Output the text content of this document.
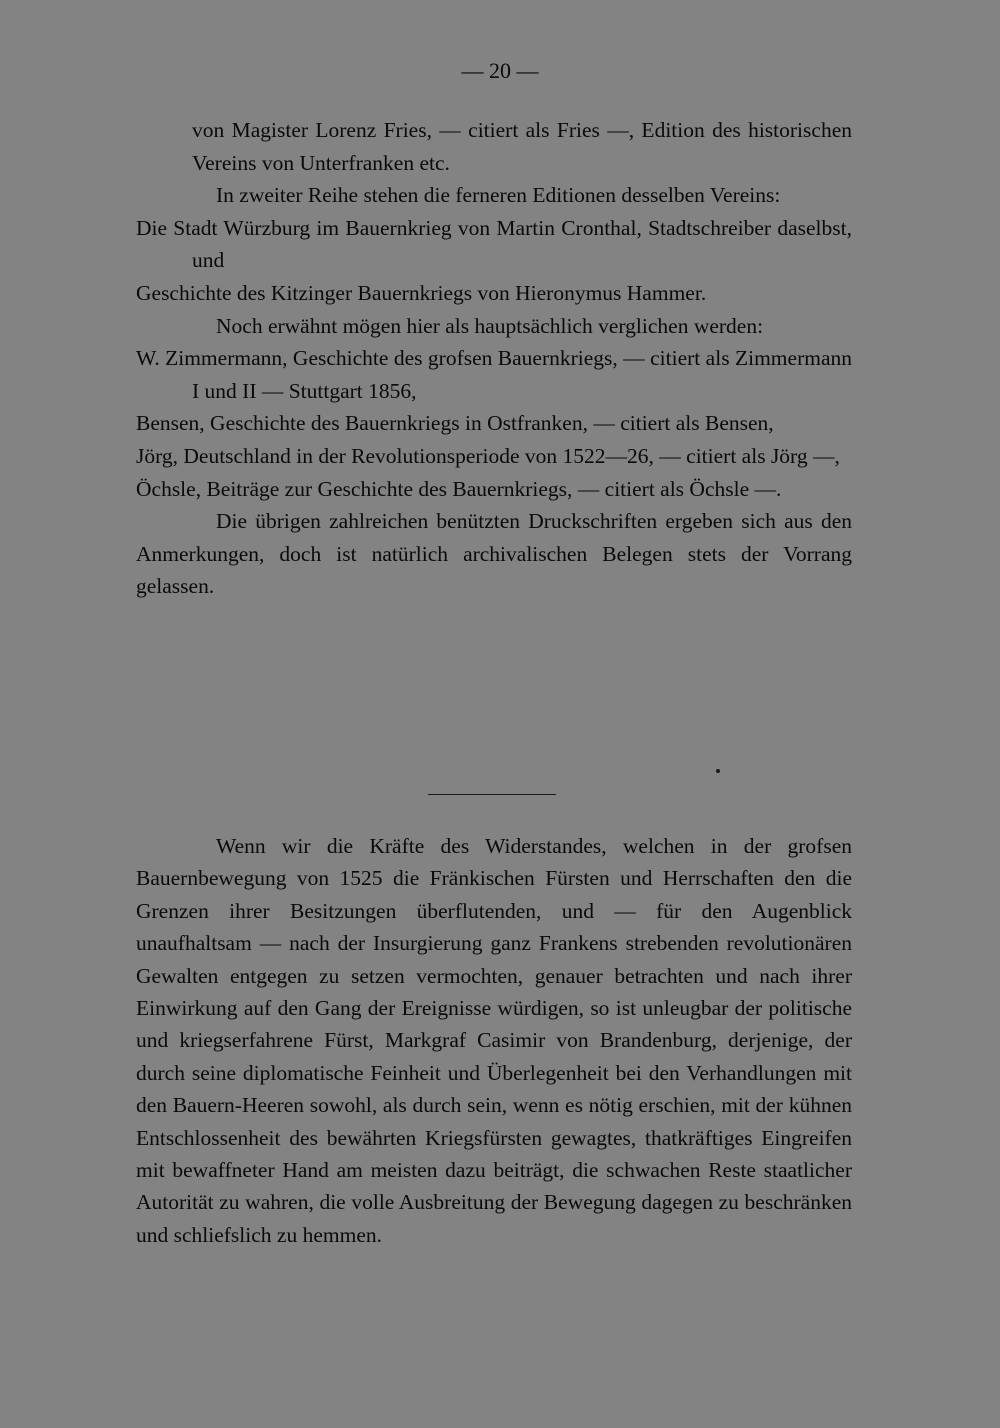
— 20 —

von Magister Lorenz Fries, — citiert als Fries —, Edition des historischen Vereins von Unterfranken etc.

In zweiter Reihe stehen die ferneren Editionen desselben Vereins:

Die Stadt Würzburg im Bauernkrieg von Martin Cronthal, Stadtschreiber daselbst, und

Geschichte des Kitzinger Bauernkriegs von Hieronymus Hammer.

Noch erwähnt mögen hier als hauptsächlich verglichen werden:

W. Zimmermann, Geschichte des grofsen Bauernkriegs, — citiert als Zimmermann I und II — Stuttgart 1856,

Bensen, Geschichte des Bauernkriegs in Ostfranken, — citiert als Bensen,

Jörg, Deutschland in der Revolutionsperiode von 1522—26, — citiert als Jörg —,

Öchsle, Beiträge zur Geschichte des Bauernkriegs, — citiert als Öchsle —.

Die übrigen zahlreichen benützten Druckschriften ergeben sich aus den Anmerkungen, doch ist natürlich archivalischen Belegen stets der Vorrang gelassen.

Wenn wir die Kräfte des Widerstandes, welchen in der grofsen Bauernbewegung von 1525 die Fränkischen Fürsten und Herrschaften den die Grenzen ihrer Besitzungen überflutenden, und — für den Augenblick unaufhaltsam — nach der Insurgierung ganz Frankens strebenden revolutionären Gewalten entgegen zu setzen vermochten, genauer betrachten und nach ihrer Einwirkung auf den Gang der Ereignisse würdigen, so ist unleugbar der politische und kriegserfahrene Fürst, Markgraf Casimir von Brandenburg, derjenige, der durch seine diplomatische Feinheit und Überlegenheit bei den Verhandlungen mit den Bauern-Heeren sowohl, als durch sein, wenn es nötig erschien, mit der kühnen Entschlossenheit des bewährten Kriegsfürsten gewagtes, thatkräftiges Eingreifen mit bewaffneter Hand am meisten dazu beiträgt, die schwachen Reste staatlicher Autorität zu wahren, die volle Ausbreitung der Bewegung dagegen zu beschränken und schliefslich zu hemmen.
